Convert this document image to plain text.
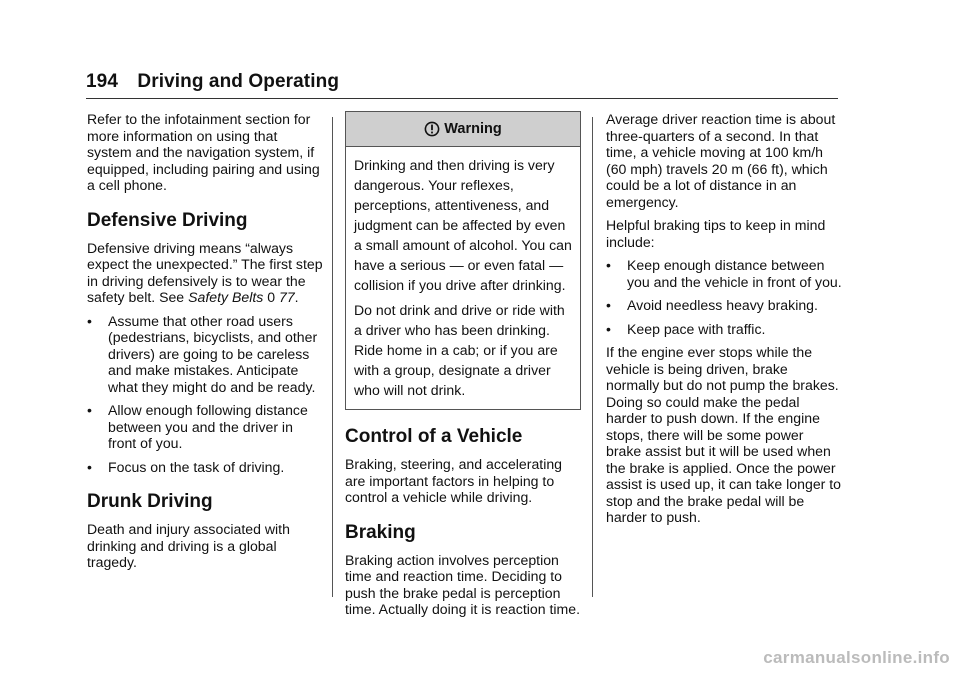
194 Driving and Operating

Refer to the infotainment section for more information on using that system and the navigation system, if equipped, including pairing and using a cell phone.

Defensive Driving

Defensive driving means “always expect the unexpected.” The first step in driving defensively is to wear the safety belt. See Safety Belts 0 77.

• Assume that other road users (pedestrians, bicyclists, and other drivers) are going to be careless and make mistakes. Anticipate what they might do and be ready.
• Allow enough following distance between you and the driver in front of you.
• Focus on the task of driving.
Drunk Driving

Death and injury associated with drinking and driving is a global tragedy.

Warning

Drinking and then driving is very dangerous. Your reflexes, perceptions, attentiveness, and judgment can be affected by even a small amount of alcohol. You can have a serious — or even fatal — collision if you drive after drinking.

Do not drink and drive or ride with a driver who has been drinking. Ride home in a cab; or if you are with a group, designate a driver who will not drink.

Control of a Vehicle

Braking, steering, and accelerating are important factors in helping to control a vehicle while driving.

Braking

Braking action involves perception time and reaction time. Deciding to push the brake pedal is perception time. Actually doing it is reaction time.

Average driver reaction time is about three-quarters of a second. In that time, a vehicle moving at 100 km/h (60 mph) travels 20 m (66 ft), which could be a lot of distance in an emergency.

Helpful braking tips to keep in mind include:

• Keep enough distance between you and the vehicle in front of you.
• Avoid needless heavy braking.
• Keep pace with traffic.

If the engine ever stops while the vehicle is being driven, brake normally but do not pump the brakes. Doing so could make the pedal harder to push down. If the engine stops, there will be some power brake assist but it will be used when the brake is applied. Once the power assist is used up, it can take longer to stop and the brake pedal will be harder to push.

carmanualsonline.info
